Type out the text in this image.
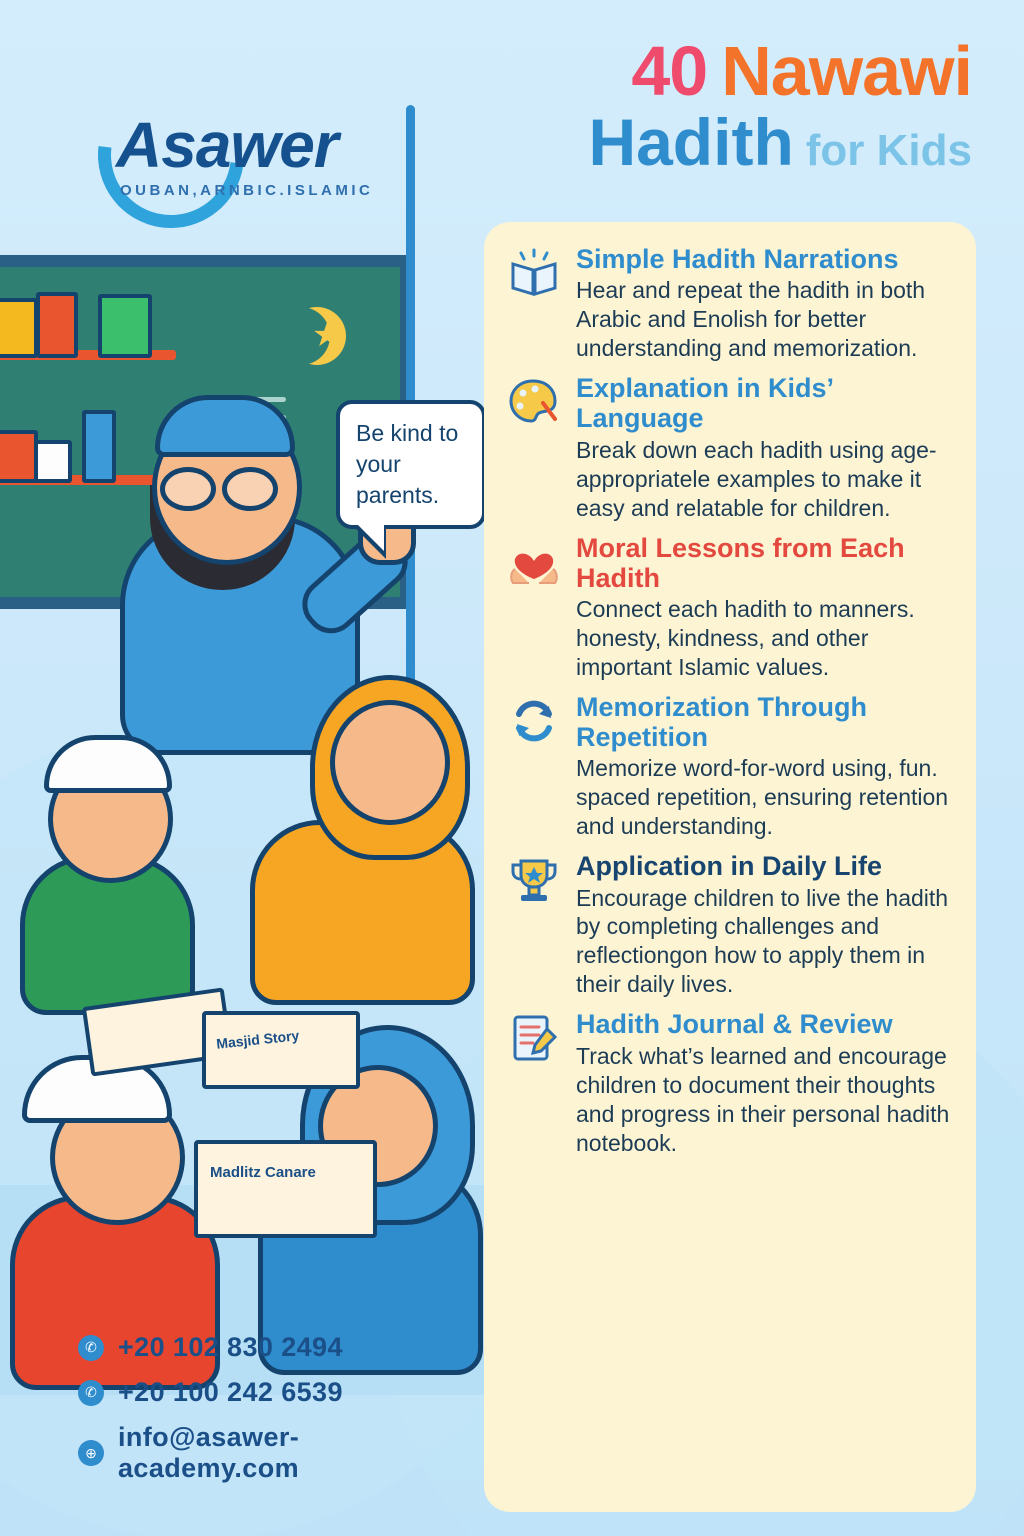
Asawer
OUBAN,ARNBIC.ISLAMIC
40 Nawawi
Hadith for Kids
★
Be kind to your parents.
Masjid Story
Madlitz Canare
✆ +20 102 830 2494
✆ +20 100 242 6539
⊕
info@asawer-academy.com
Simple Hadith Narrations
Hear and repeat the hadith in both Arabic and Enolish for better understanding and memorization.
Explanation in Kids’ Language
Break down each hadith using age-appropriatele examples to make it easy and relatable for children.
Moral Lessons from Each Hadith
Connect each hadith to manners. honesty, kindness, and other important Islamic values.
Memorization Through Repetition
Memorize word-for-word using, fun. spaced repetition, ensuring retention and understanding.
Application in Daily Life
Encourage children to live the hadith by completing challenges and reflectiongon how to apply them in their daily lives.
Hadith Journal & Review
Track what’s learned and encourage children to document their thoughts and progress in their personal hadith notebook.
